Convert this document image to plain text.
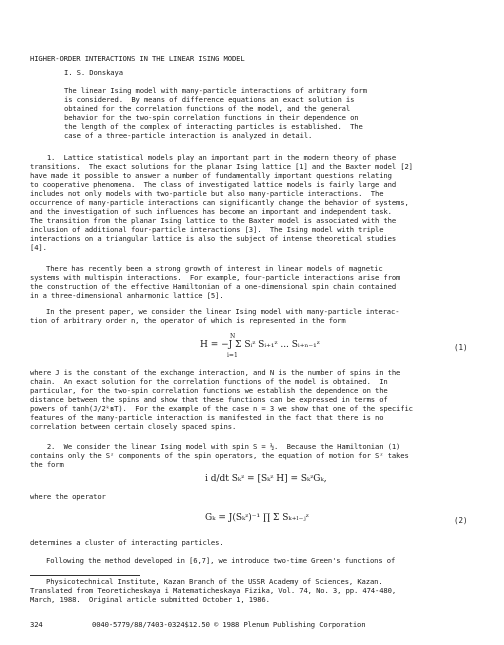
HIGHER-ORDER INTERACTIONS IN THE LINEAR ISING MODEL
I. S. Donskaya
The linear Ising model with many-particle interactions of arbitrary form
is considered.  By means of difference equations an exact solution is
obtained for the correlation functions of the model, and the general
behavior for the two-spin correlation functions in their dependence on
the length of the complex of interacting particles is established.  The
case of a three-particle interaction is analyzed in detail.
1.  Lattice statistical models play an important part in the modern theory of phase
transitions.  The exact solutions for the planar Ising lattice [1] and the Baxter model [2]
have made it possible to answer a number of fundamentally important questions relating
to cooperative phenomena.  The class of investigated lattice models is fairly large and
includes not only models with two-particle but also many-particle interactions.  The
occurrence of many-particle interactions can significantly change the behavior of systems,
and the investigation of such influences has become an important and independent task.
The transition from the planar Ising lattice to the Baxter model is associated with the
inclusion of additional four-particle interactions [3].  The Ising model with triple
interactions on a triangular lattice is also the subject of intense theoretical studies
[4].
There has recently been a strong growth of interest in linear models of magnetic
systems with multispin interactions.  For example, four-particle interactions arise from
the construction of the effective Hamiltonian of a one-dimensional spin chain contained
in a three-dimensional anharmonic lattice [5].
In the present paper, we consider the linear Ising model with many-particle interac-
tion of arbitrary order n, the operator of which is represented in the form
N
H = −J Σ Sᵢᶻ Sᵢ₊₁ᶻ ... Sᵢ₊ₙ₋₁ᶻ
i=1
(1)
where J is the constant of the exchange interaction, and N is the number of spins in the
chain.  An exact solution for the correlation functions of the model is obtained.  In
particular, for the two-spin correlation functions we establish the dependence on the
distance between the spins and show that these functions can be expressed in terms of
powers of tanh(J/2ᵏʙT).  For the example of the case n = 3 we show that one of the specific
features of the many-particle interaction is manifested in the fact that there is no
correlation between certain closely spaced spins.
2.  We consider the linear Ising model with spin S = ½.  Because the Hamiltonian (1)
contains only the Sᶻ components of the spin operators, the equation of motion for Sᶻ takes
the form
i d/dt Sₖᶻ = [Sₖᶻ H] = SₖᶻGₖ,
where the operator
Gₖ = J(Sₖᶻ)⁻¹ ∏ Σ Sₖ₊ₗ₋ⱼᶻ	(2)
determines a cluster of interacting particles.
Following the method developed in [6,7], we introduce two-time Green's functions of
Physicotechnical Institute, Kazan Branch of the USSR Academy of Sciences, Kazan.
Translated from Teoreticheskaya i Matematicheskaya Fizika, Vol. 74, No. 3, pp. 474-480,
March, 1988.  Original article submitted October 1, 1986.
324	0040-5779/88/7403-0324$12.50 © 1988 Plenum Publishing Corporation
